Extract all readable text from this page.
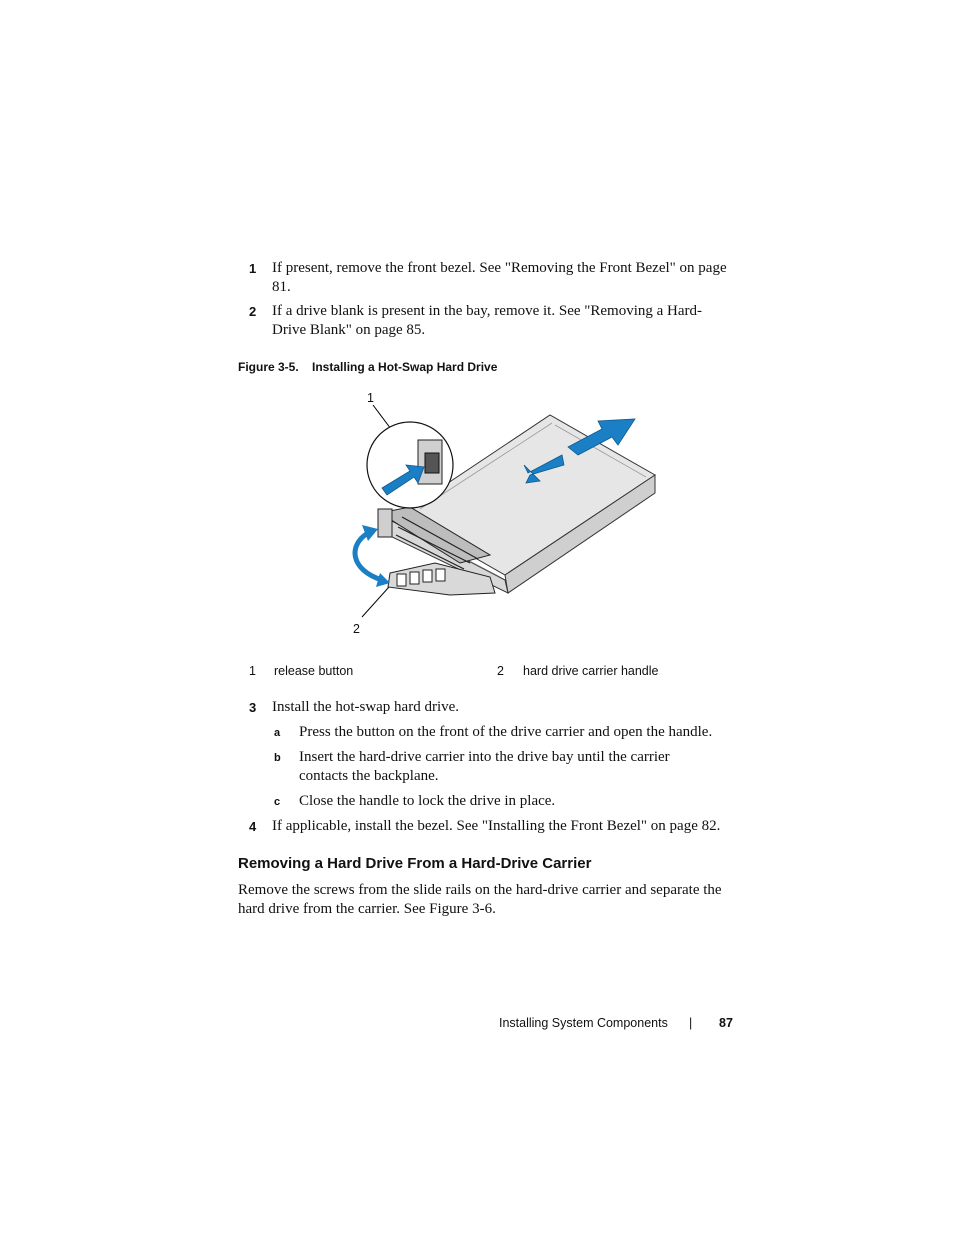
1 If present, remove the front bezel. See "Removing the Front Bezel" on page 81.
2 If a drive blank is present in the bay, remove it. See "Removing a Hard-Drive Blank" on page 85.
Figure 3-5.    Installing a Hot-Swap Hard Drive
1
2
1 release button	2 hard drive carrier handle
3 Install the hot-swap hard drive.
a Press the button on the front of the drive carrier and open the handle.
b Insert the hard-drive carrier into the drive bay until the carrier contacts the backplane.
c Close the handle to lock the drive in place.
4 If applicable, install the bezel. See "Installing the Front Bezel" on page 82.
Removing a Hard Drive From a Hard-Drive Carrier
Remove the screws from the slide rails on the hard-drive carrier and separate the hard drive from the carrier. See Figure 3-6.
Installing System Components | 87
